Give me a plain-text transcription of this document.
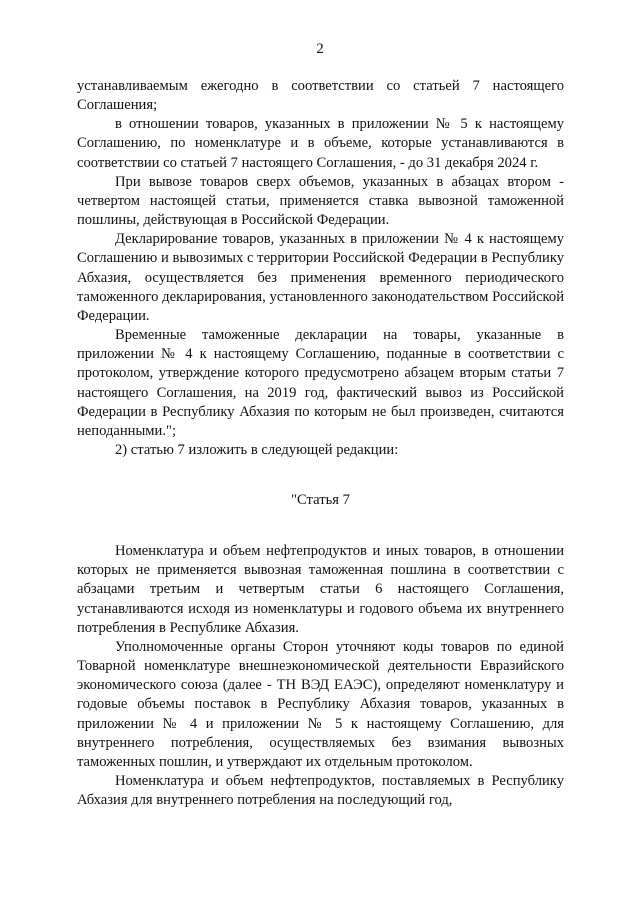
2

устанавливаемым ежегодно в соответствии со статьей 7 настоящего Соглашения;

в отношении товаров, указанных в приложении № 5 к настоящему Соглашению, по номенклатуре и в объеме, которые устанавливаются в соответствии со статьей 7 настоящего Соглашения, - до 31 декабря 2024 г.

При вывозе товаров сверх объемов, указанных в абзацах втором - четвертом настоящей статьи, применяется ставка вывозной таможенной пошлины, действующая в Российской Федерации.

Декларирование товаров, указанных в приложении № 4 к настоящему Соглашению и вывозимых с территории Российской Федерации в Республику Абхазия, осуществляется без применения временного периодического таможенного декларирования, установленного законодательством Российской Федерации.

Временные таможенные декларации на товары, указанные в приложении № 4 к настоящему Соглашению, поданные в соответствии с протоколом, утверждение которого предусмотрено абзацем вторым статьи 7 настоящего Соглашения, на 2019 год, фактический вывоз из Российской Федерации в Республику Абхазия по которым не был произведен, считаются неподанными.";

2) статью 7 изложить в следующей редакции:

"Статья 7

Номенклатура и объем нефтепродуктов и иных товаров, в отношении которых не применяется вывозная таможенная пошлина в соответствии с абзацами третьим и четвертым статьи 6 настоящего Соглашения, устанавливаются исходя из номенклатуры и годового объема их внутреннего потребления в Республике Абхазия.

Уполномоченные органы Сторон уточняют коды товаров по единой Товарной номенклатуре внешнеэкономической деятельности Евразийского экономического союза (далее - ТН ВЭД ЕАЭС), определяют номенклатуру и годовые объемы поставок в Республику Абхазия товаров, указанных в приложении № 4 и приложении № 5 к настоящему Соглашению, для внутреннего потребления, осуществляемых без взимания вывозных таможенных пошлин, и утверждают их отдельным протоколом.

Номенклатура и объем нефтепродуктов, поставляемых в Республику Абхазия для внутреннего потребления на последующий год,
